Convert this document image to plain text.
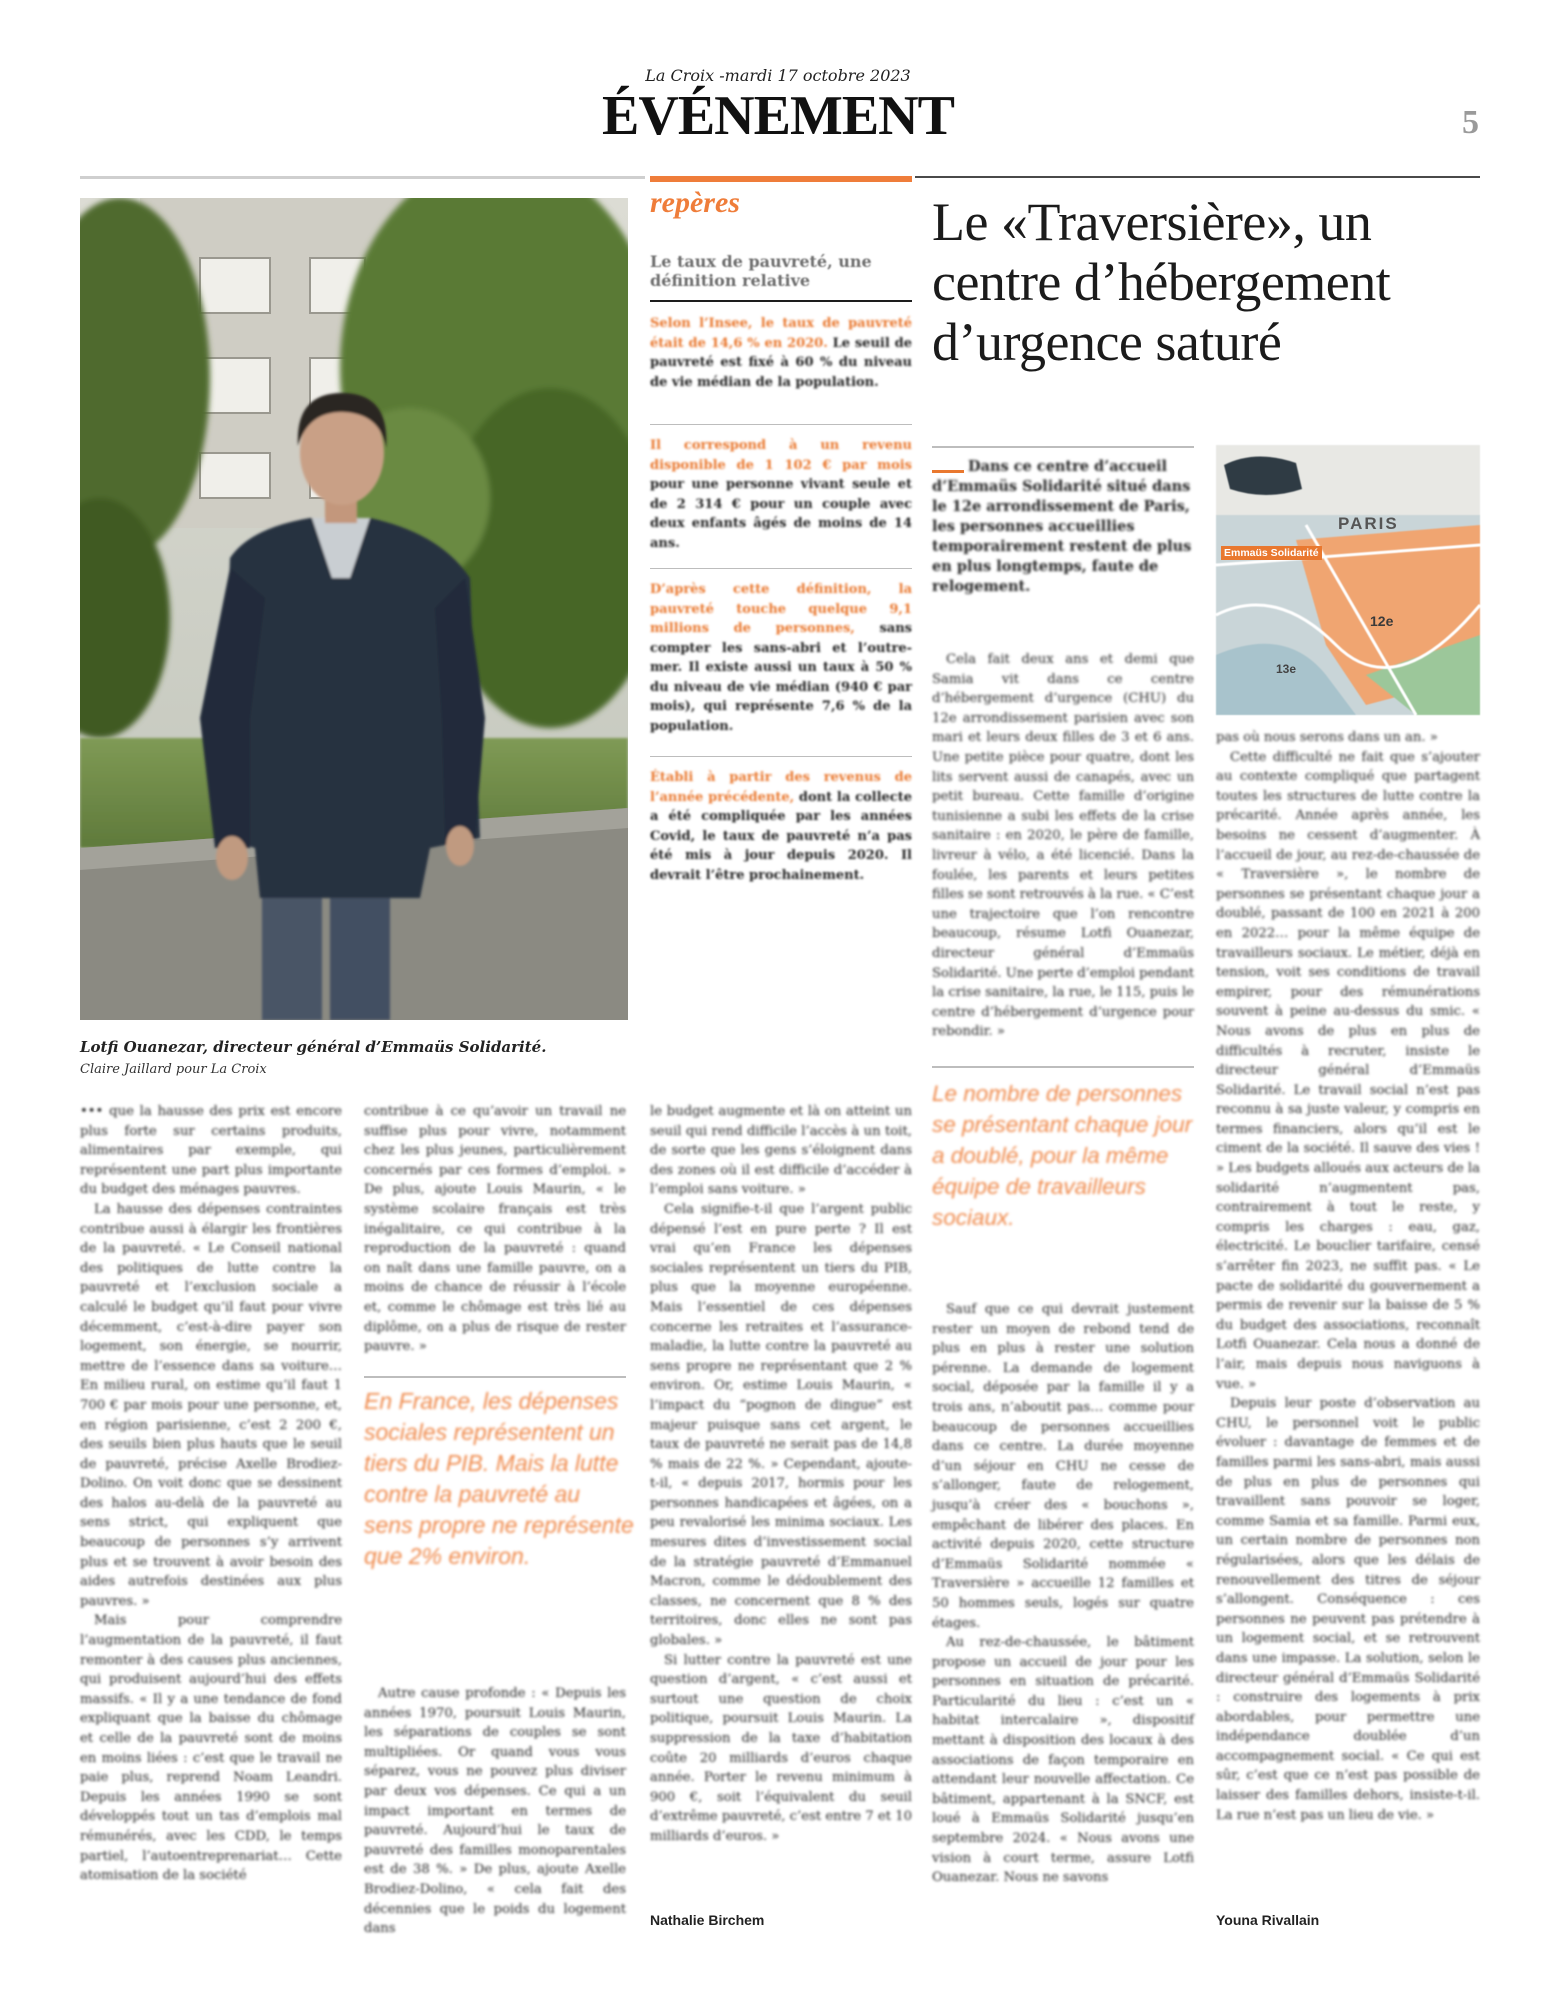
La Croix -mardi 17 octobre 2023
ÉVÉNEMENT	5
Lotfi Ouanezar, directeur général d’Emmaüs Solidarité.
Claire Jaillard pour La Croix
repères
Le taux de pauvreté, une définition relative
Selon l’Insee, le taux de pauvreté était de 14,6 % en 2020. Le seuil de pauvreté est fixé à 60 % du niveau de vie médian de la population.
Il correspond à un revenu disponible de 1 102 € par mois pour une personne vivant seule et de 2 314 € pour un couple avec deux enfants âgés de moins de 14 ans.
D’après cette définition, la pauvreté touche quelque 9,1 millions de personnes, sans compter les sans-abri et l’outre-mer. Il existe aussi un taux à 50 % du niveau de vie médian (940 € par mois), qui représente 7,6 % de la population.
Établi à partir des revenus de l’année précédente, dont la collecte a été compliquée par les années Covid, le taux de pauvreté n’a pas été mis à jour depuis 2020. Il devrait l’être prochainement.
Le «Traversière», un centre d’hébergement d’urgence saturé
Dans ce centre d’accueil d’Emmaüs Solidarité situé dans le 12e arrondissement de Paris, les personnes accueillies temporairement restent de plus en plus longtemps, faute de relogement.
PARIS
Emmaüs Solidarité
12e
13e

Cela fait deux ans et demi que Samia vit dans ce centre d’hébergement d’urgence (CHU) du 12e arrondissement parisien avec son mari et leurs deux filles de 3 et 6 ans. Une petite pièce pour quatre, dont les lits servent aussi de canapés, avec un petit bureau. Cette famille d’origine tunisienne a subi les effets de la crise sanitaire : en 2020, le père de famille, livreur à vélo, a été licencié. Dans la foulée, les parents et leurs petites filles se sont retrouvés à la rue. « C’est une trajectoire que l’on rencontre beaucoup, résume Lotfi Ouanezar, directeur général d’Emmaüs Solidarité. Une perte d’emploi pendant la crise sanitaire, la rue, le 115, puis le centre d’hébergement d’urgence pour rebondir. »

Le nombre de personnes se présentant chaque jour a doublé, pour la même équipe de travailleurs sociaux.

Sauf que ce qui devrait justement rester un moyen de rebond tend de plus en plus à rester une solution pérenne. La demande de logement social, déposée par la famille il y a trois ans, n’aboutit pas… comme pour beaucoup de personnes accueillies dans ce centre. La durée moyenne d’un séjour en CHU ne cesse de s’allonger, faute de relogement, jusqu’à créer des « bouchons », empêchant de libérer des places. En activité depuis 2020, cette structure d’Emmaüs Solidarité nommée « Traversière » accueille 12 familles et 50 hommes seuls, logés sur quatre étages.

Au rez-de-chaussée, le bâtiment propose un accueil de jour pour les personnes en situation de précarité. Particularité du lieu : c’est un « habitat intercalaire », dispositif mettant à disposition des locaux à des associations de façon temporaire en attendant leur nouvelle affectation. Ce bâtiment, appartenant à la SNCF, est loué à Emmaüs Solidarité jusqu’en septembre 2024. « Nous avons une vision à court terme, assure Lotfi Ouanezar. Nous ne savons

pas où nous serons dans un an. »

Cette difficulté ne fait que s’ajouter au contexte compliqué que partagent toutes les structures de lutte contre la précarité. Année après année, les besoins ne cessent d’augmenter. À l’accueil de jour, au rez-de-chaussée de « Traversière », le nombre de personnes se présentant chaque jour a doublé, passant de 100 en 2021 à 200 en 2022… pour la même équipe de travailleurs sociaux. Le métier, déjà en tension, voit ses conditions de travail empirer, pour des rémunérations souvent à peine au-dessus du smic. « Nous avons de plus en plus de difficultés à recruter, insiste le directeur général d’Emmaüs Solidarité. Le travail social n’est pas reconnu à sa juste valeur, y compris en termes financiers, alors qu’il est le ciment de la société. Il sauve des vies ! » Les budgets alloués aux acteurs de la solidarité n’augmentent pas, contrairement à tout le reste, y compris les charges : eau, gaz, électricité. Le bouclier tarifaire, censé s’arrêter fin 2023, ne suffit pas. « Le pacte de solidarité du gouvernement a permis de revenir sur la baisse de 5 % du budget des associations, reconnaît Lotfi Ouanezar. Cela nous a donné de l’air, mais depuis nous naviguons à vue. »

Depuis leur poste d’observation au CHU, le personnel voit le public évoluer : davantage de femmes et de familles parmi les sans-abri, mais aussi de plus en plus de personnes qui travaillent sans pouvoir se loger, comme Samia et sa famille. Parmi eux, un certain nombre de personnes non régularisées, alors que les délais de renouvellement des titres de séjour s’allongent. Conséquence : ces personnes ne peuvent pas prétendre à un logement social, et se retrouvent dans une impasse. La solution, selon le directeur général d’Emmaüs Solidarité : construire des logements à prix abordables, pour permettre une indépendance doublée d’un accompagnement social. « Ce qui est sûr, c’est que ce n’est pas possible de laisser des familles dehors, insiste-t-il. La rue n’est pas un lieu de vie. »

Youna Rivallain

••• que la hausse des prix est encore plus forte sur certains produits, alimentaires par exemple, qui représentent une part plus importante du budget des ménages pauvres.

La hausse des dépenses contraintes contribue aussi à élargir les frontières de la pauvreté. « Le Conseil national des politiques de lutte contre la pauvreté et l’exclusion sociale a calculé le budget qu’il faut pour vivre décemment, c’est-à-dire payer son logement, son énergie, se nourrir, mettre de l’essence dans sa voiture… En milieu rural, on estime qu’il faut 1 700 € par mois pour une personne, et, en région parisienne, c’est 2 200 €, des seuils bien plus hauts que le seuil de pauvreté, précise Axelle Brodiez-Dolino. On voit donc que se dessinent des halos au-delà de la pauvreté au sens strict, qui expliquent que beaucoup de personnes s’y arrivent plus et se trouvent à avoir besoin des aides autrefois destinées aux plus pauvres. »

Mais pour comprendre l’augmentation de la pauvreté, il faut remonter à des causes plus anciennes, qui produisent aujourd’hui des effets massifs. « Il y a une tendance de fond expliquant que la baisse du chômage et celle de la pauvreté sont de moins en moins liées : c’est que le travail ne paie plus, reprend Noam Leandri. Depuis les années 1990 se sont développés tout un tas d’emplois mal rémunérés, avec les CDD, le temps partiel, l’autoentreprenariat… Cette atomisation de la société

contribue à ce qu’avoir un travail ne suffise plus pour vivre, notamment chez les plus jeunes, particulièrement concernés par ces formes d’emploi. » De plus, ajoute Louis Maurin, « le système scolaire français est très inégalitaire, ce qui contribue à la reproduction de la pauvreté : quand on naît dans une famille pauvre, on a moins de chance de réussir à l’école et, comme le chômage est très lié au diplôme, on a plus de risque de rester pauvre. »

En France, les dépenses sociales représentent un tiers du PIB. Mais la lutte contre la pauvreté au sens propre ne représente que 2% environ.

Autre cause profonde : « Depuis les années 1970, poursuit Louis Maurin, les séparations de couples se sont multipliées. Or quand vous vous séparez, vous ne pouvez plus diviser par deux vos dépenses. Ce qui a un impact important en termes de pauvreté. Aujourd’hui le taux de pauvreté des familles monoparentales est de 38 %. » De plus, ajoute Axelle Brodiez-Dolino, « cela fait des décennies que le poids du logement dans

le budget augmente et là on atteint un seuil qui rend difficile l’accès à un toit, de sorte que les gens s’éloignent dans des zones où il est difficile d’accéder à l’emploi sans voiture. »

Cela signifie-t-il que l’argent public dépensé l’est en pure perte ? Il est vrai qu’en France les dépenses sociales représentent un tiers du PIB, plus que la moyenne européenne. Mais l’essentiel de ces dépenses concerne les retraites et l’assurance-maladie, la lutte contre la pauvreté au sens propre ne représentant que 2 % environ. Or, estime Louis Maurin, « l’impact du “pognon de dingue” est majeur puisque sans cet argent, le taux de pauvreté ne serait pas de 14,8 % mais de 22 %. » Cependant, ajoute-t-il, « depuis 2017, hormis pour les personnes handicapées et âgées, on a peu revalorisé les minima sociaux. Les mesures dites d’investissement social de la stratégie pauvreté d’Emmanuel Macron, comme le dédoublement des classes, ne concernent que 8 % des territoires, donc elles ne sont pas globales. »

Si lutter contre la pauvreté est une question d’argent, « c’est aussi et surtout une question de choix politique, poursuit Louis Maurin. La suppression de la taxe d’habitation coûte 20 milliards d’euros chaque année. Porter le revenu minimum à 900 €, soit l’équivalent du seuil d’extrême pauvreté, c’est entre 7 et 10 milliards d’euros. »

Nathalie Birchem
